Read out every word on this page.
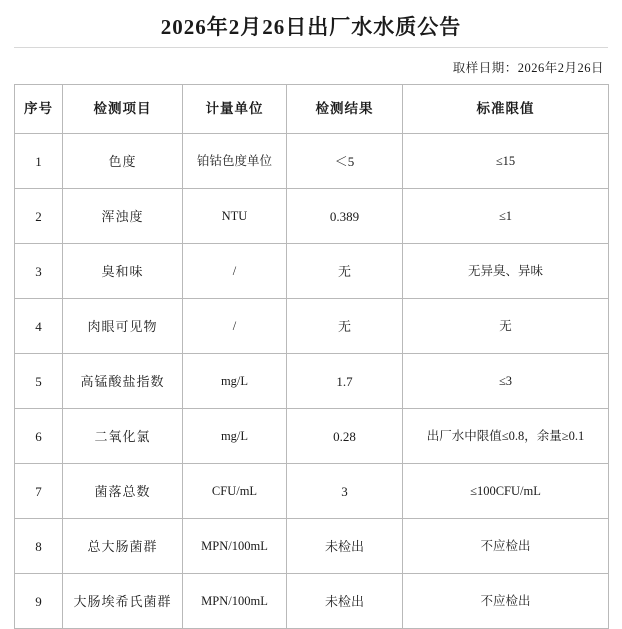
2026年2月26日出厂水水质公告
取样日期：2026年2月26日
序号	检测项目	计量单位	检测结果	标准限值
1	色度	铂钴色度单位	＜5	≤15
2	浑浊度	NTU	0.389	≤1
3	臭和味	/	无	无异臭、异味
4	肉眼可见物	/	无	无
5	高锰酸盐指数	mg/L	1.7	≤3
6	二氧化氯	mg/L	0.28	出厂水中限值≤0.8，余量≥0.1
7	菌落总数	CFU/mL	3	≤100CFU/mL
8	总大肠菌群	MPN/100mL	未检出	不应检出
9	大肠埃希氏菌群	MPN/100mL	未检出	不应检出
